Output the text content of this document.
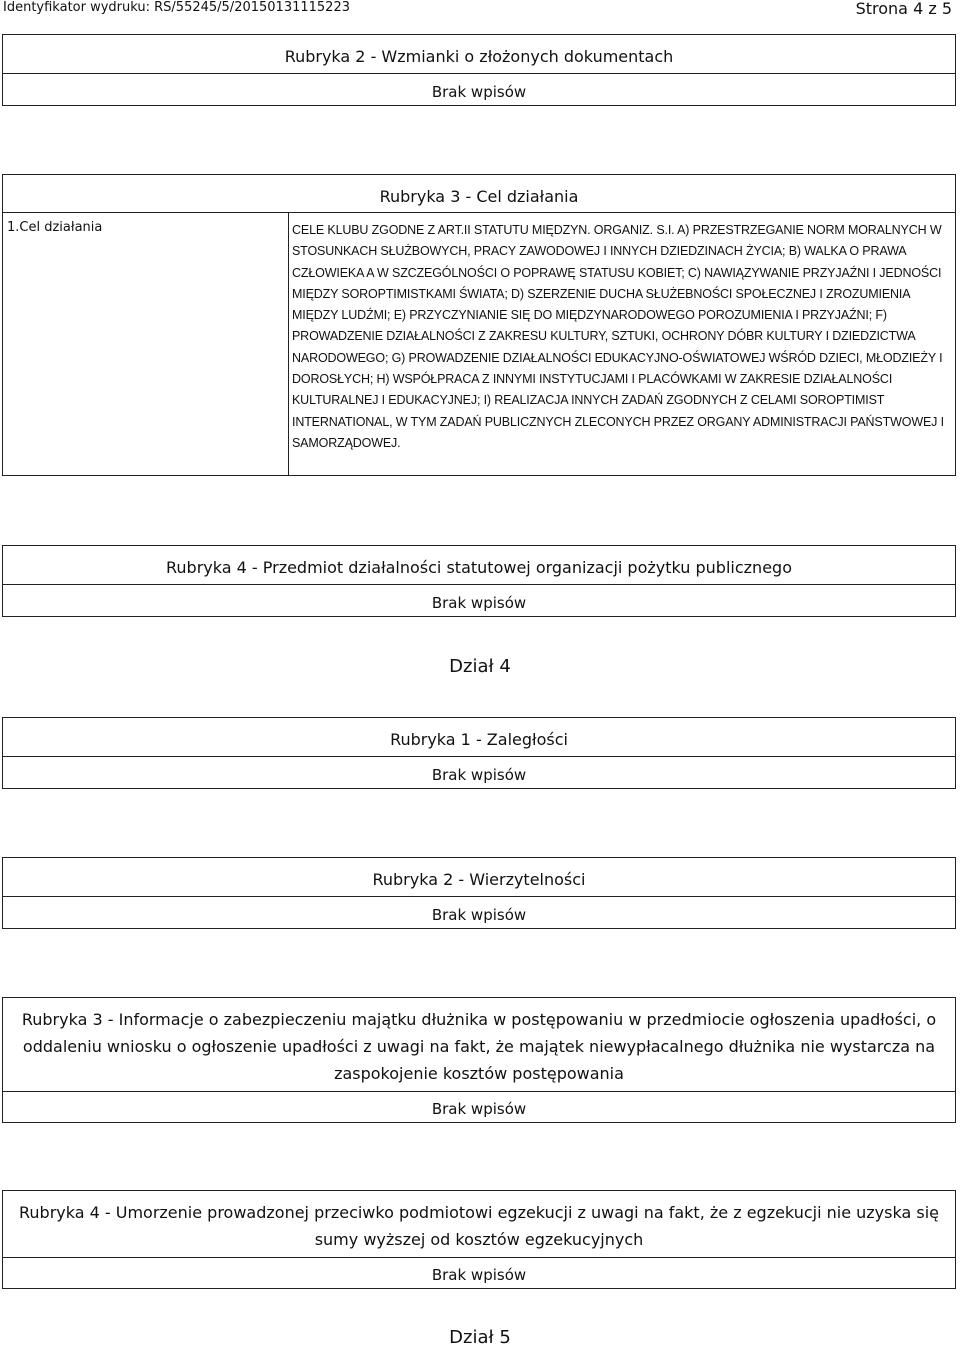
Identyfikator wydruku: RS/55245/5/20150131115223	Strona 4 z 5
Rubryka 2 - Wzmianki o złożonych dokumentach
Brak wpisów
Rubryka 3 - Cel działania
1.Cel działania	CELE KLUBU ZGODNE Z ART.II STATUTU MIĘDZYN. ORGANIZ. S.I. A) PRZESTRZEGANIE NORM MORALNYCH W STOSUNKACH SŁUŻBOWYCH, PRACY ZAWODOWEJ I INNYCH DZIEDZINACH ŻYCIA; B) WALKA O PRAWA CZŁOWIEKA A W SZCZEGÓLNOŚCI O POPRAWĘ STATUSU KOBIET; C) NAWIĄZYWANIE PRZYJAŹNI I JEDNOŚCI MIĘDZY SOROPTIMISTKAMI ŚWIATA; D) SZERZENIE DUCHA SŁUŻEBNOŚCI SPOŁECZNEJ I ZROZUMIENIA MIĘDZY LUDŹMI; E) PRZYCZYNIANIE SIĘ DO MIĘDZYNARODOWEGO POROZUMIENIA I PRZYJAŹNI; F) PROWADZENIE DZIAŁALNOŚCI Z ZAKRESU KULTURY, SZTUKI, OCHRONY DÓBR KULTURY I DZIEDZICTWA NARODOWEGO; G) PROWADZENIE DZIAŁALNOŚCI EDUKACYJNO-OŚWIATOWEJ WŚRÓD DZIECI, MŁODZIEŻY I DOROSŁYCH; H) WSPÓŁPRACA Z INNYMI INSTYTUCJAMI I PLACÓWKAMI W ZAKRESIE DZIAŁALNOŚCI KULTURALNEJ I EDUKACYJNEJ; I) REALIZACJA INNYCH ZADAŃ ZGODNYCH Z CELAMI SOROPTIMIST INTERNATIONAL, W TYM ZADAŃ PUBLICZNYCH ZLECONYCH PRZEZ ORGANY ADMINISTRACJI PAŃSTWOWEJ I SAMORZĄDOWEJ.
Rubryka 4 - Przedmiot działalności statutowej organizacji pożytku publicznego
Brak wpisów
Dział 4
Rubryka 1 - Zaległości
Brak wpisów
Rubryka 2 - Wierzytelności
Brak wpisów
Rubryka 3 - Informacje o zabezpieczeniu majątku dłużnika w postępowaniu w przedmiocie ogłoszenia upadłości, o
oddaleniu wniosku o ogłoszenie upadłości z uwagi na fakt, że majątek niewypłacalnego dłużnika nie wystarcza na
zaspokojenie kosztów postępowania
Brak wpisów
Rubryka 4 - Umorzenie prowadzonej przeciwko podmiotowi egzekucji z uwagi na fakt, że z egzekucji nie uzyska się
sumy wyższej od kosztów egzekucyjnych
Brak wpisów
Dział 5
